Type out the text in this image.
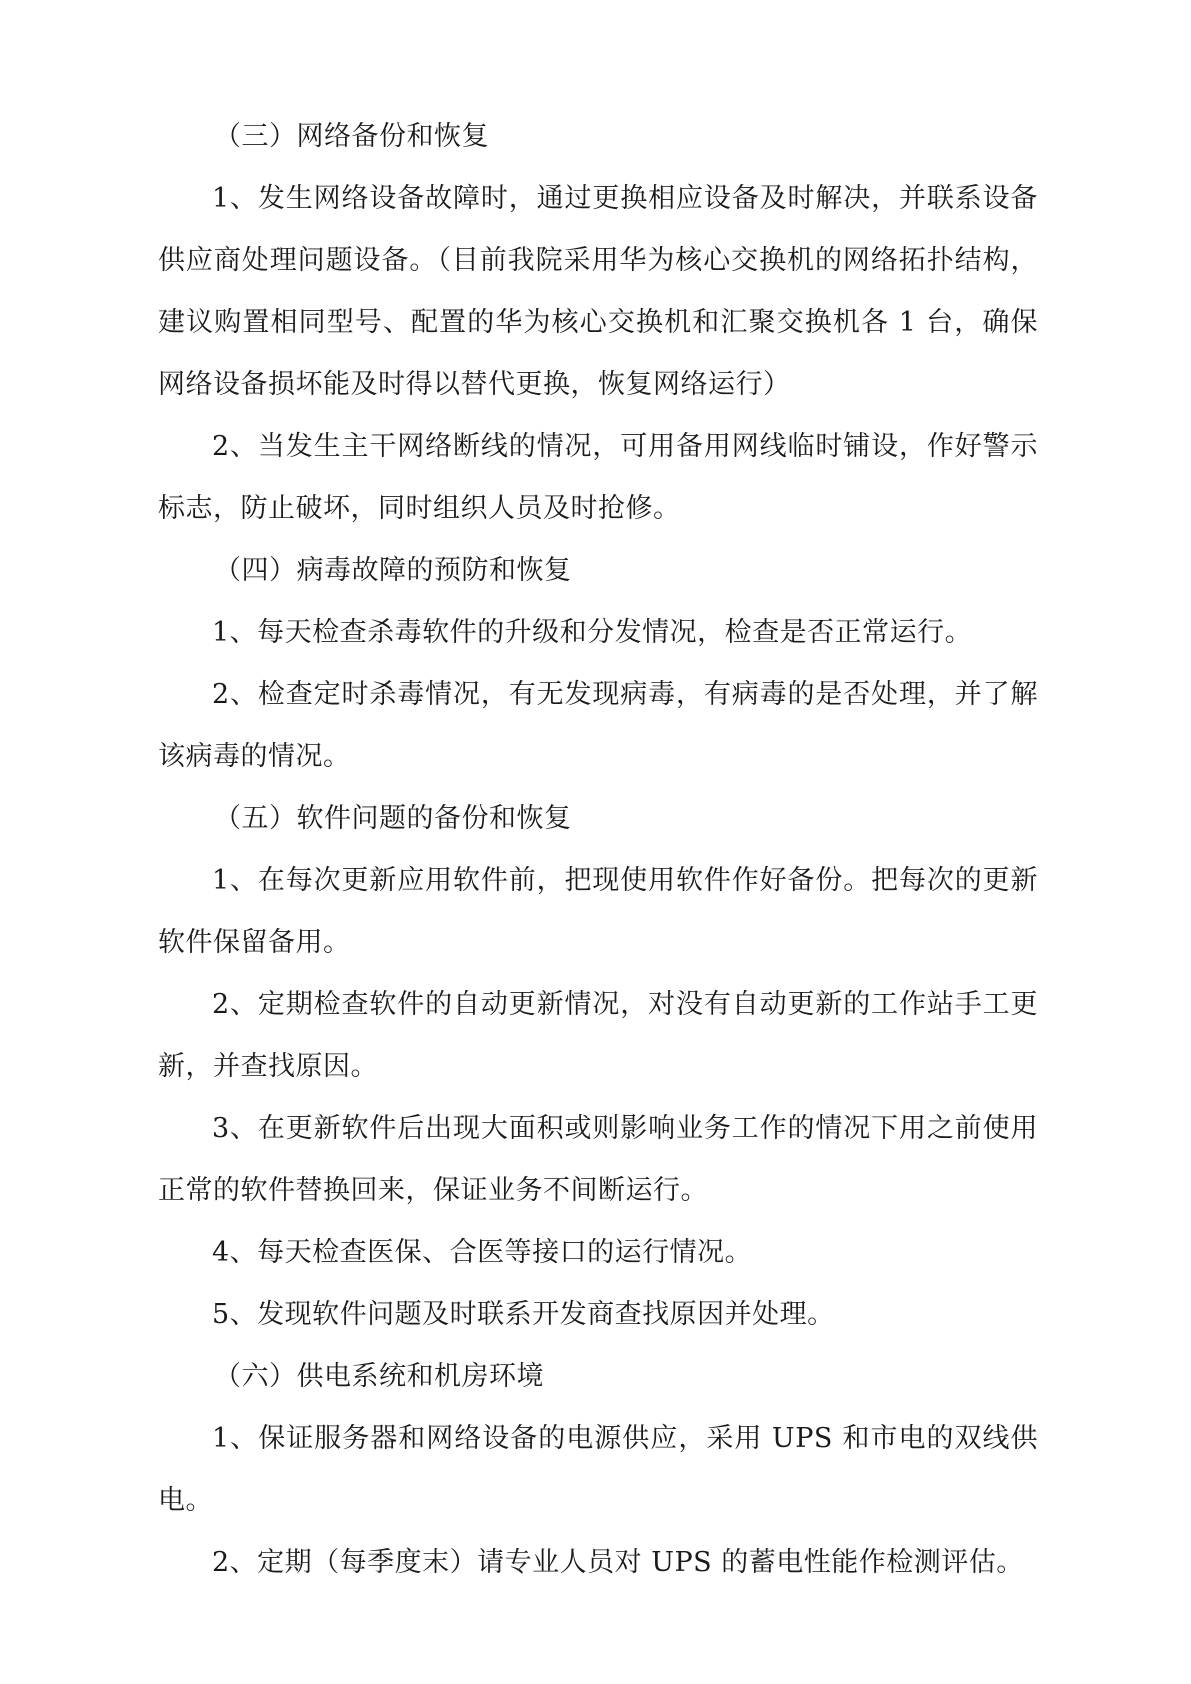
（三）网络备份和恢复

1、发生网络设备故障时，通过更换相应设备及时解决，并联系设备供应商处理问题设备。（目前我院采用华为核心交换机的网络拓扑结构，建议购置相同型号、配置的华为核心交换机和汇聚交换机各 1 台，确保网络设备损坏能及时得以替代更换，恢复网络运行）

2、当发生主干网络断线的情况，可用备用网线临时铺设，作好警示标志，防止破坏，同时组织人员及时抢修。

（四）病毒故障的预防和恢复

1、每天检查杀毒软件的升级和分发情况，检查是否正常运行。

2、检查定时杀毒情况，有无发现病毒，有病毒的是否处理，并了解该病毒的情况。

（五）软件问题的备份和恢复

1、在每次更新应用软件前，把现使用软件作好备份。把每次的更新软件保留备用。

2、定期检查软件的自动更新情况，对没有自动更新的工作站手工更新，并查找原因。

3、在更新软件后出现大面积或则影响业务工作的情况下用之前使用正常的软件替换回来，保证业务不间断运行。

4、每天检查医保、合医等接口的运行情况。

5、发现软件问题及时联系开发商查找原因并处理。

（六）供电系统和机房环境

1、保证服务器和网络设备的电源供应，采用 UPS 和市电的双线供电。

2、定期（每季度末）请专业人员对 UPS 的蓄电性能作检测评估。
